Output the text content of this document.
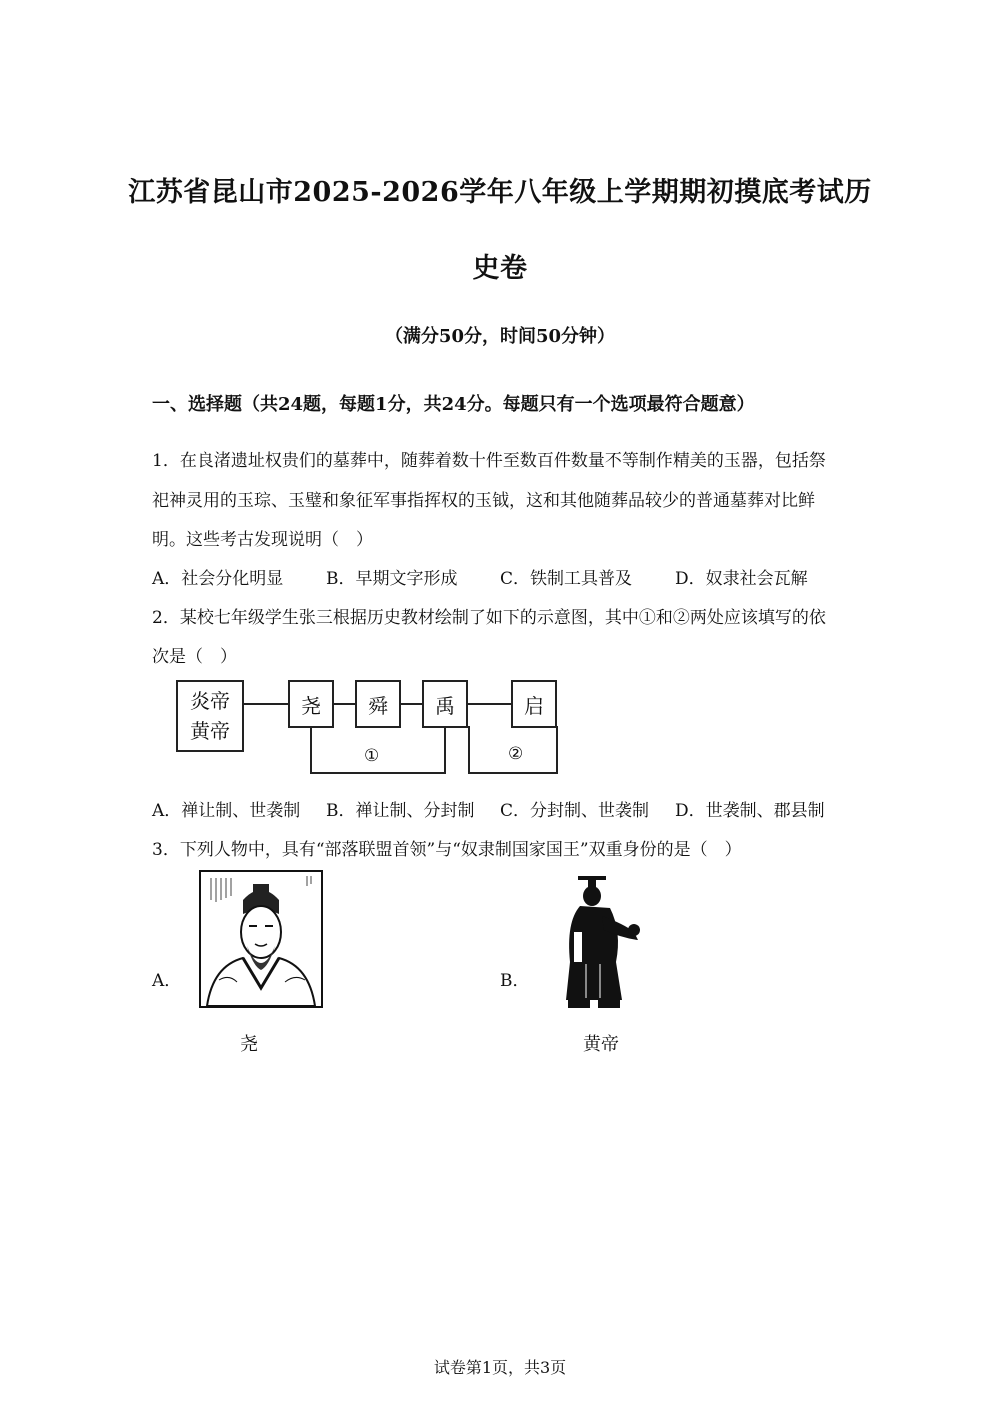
江苏省昆山市2025-2026学年八年级上学期期初摸底考试历
史卷
（满分50分，时间50分钟）
一、选择题（共24题，每题1分，共24分。每题只有一个选项最符合题意）
1．在良渚遗址权贵们的墓葬中，随葬着数十件至数百件数量不等制作精美的玉器，包括祭
祀神灵用的玉琮、玉璧和象征军事指挥权的玉钺，这和其他随葬品较少的普通墓葬对比鲜
明。这些考古发现说明（　）
A．社会分化明显	B．早期文字形成	C．铁制工具普及	D．奴隶社会瓦解
2．某校七年级学生张三根据历史教材绘制了如下的示意图，其中①和②两处应该填写的依
次是（　）
炎帝
黄帝
尧 舜 禹	启
①	②
A．禅让制、世袭制 B．禅让制、分封制 C．分封制、世袭制 D．世袭制、郡县制
3．下列人物中，具有“部落联盟首领”与“奴隶制国家国王”双重身份的是（　）
A．	B．
尧	黄帝
试卷第1页，共3页
